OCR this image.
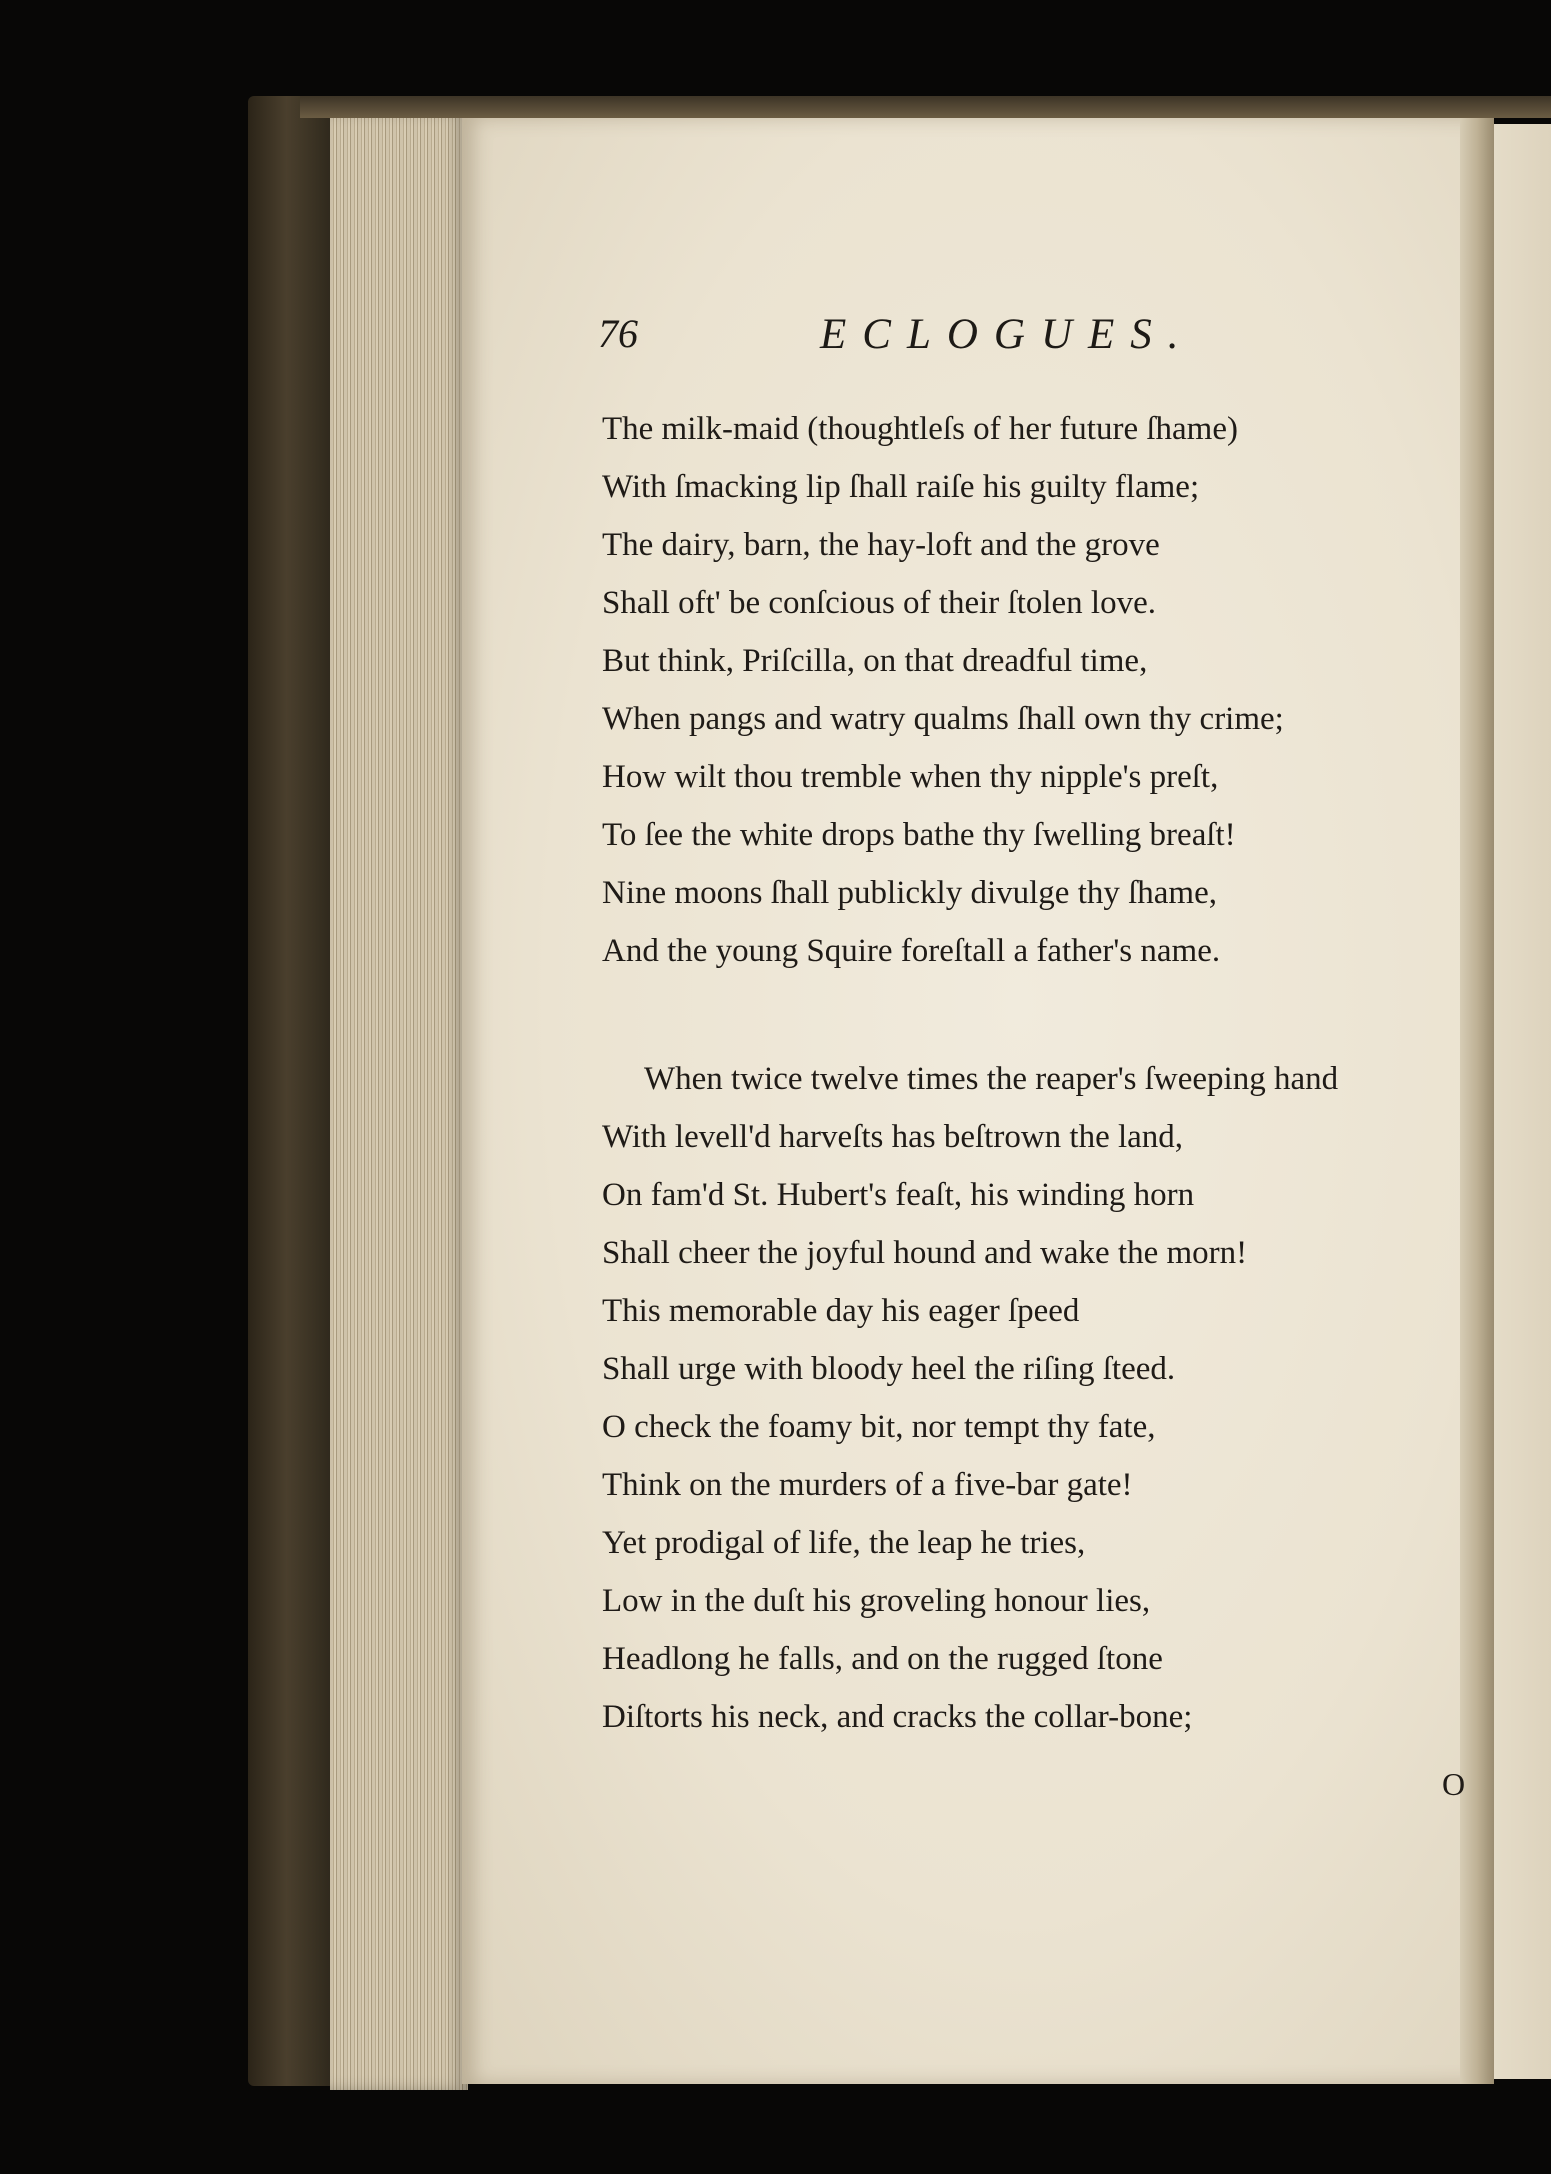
76	ECLOGUES.
The milk-maid (thoughtleſs of her future ſhame)
With ſmacking lip ſhall raiſe his guilty flame;
The dairy, barn, the hay-loft and the grove
Shall oft' be conſcious of their ſtolen love.
But think, Priſcilla, on that dreadful time,
When pangs and watry qualms ſhall own thy crime;
How wilt thou tremble when thy nipple's preſt,
To ſee the white drops bathe thy ſwelling breaſt!
Nine moons ſhall publickly divulge thy ſhame,
And the young Squire foreſtall a father's name.
When twice twelve times the reaper's ſweeping hand
With levell'd harveſts has beſtrown the land,
On fam'd St. Hubert's feaſt, his winding horn
Shall cheer the joyful hound and wake the morn!
This memorable day his eager ſpeed
Shall urge with bloody heel the riſing ſteed.
O check the foamy bit, nor tempt thy fate,
Think on the murders of a five-bar gate!
Yet prodigal of life, the leap he tries,
Low in the duſt his groveling honour lies,
Headlong he falls, and on the rugged ſtone
Diſtorts his neck, and cracks the collar-bone;
O
